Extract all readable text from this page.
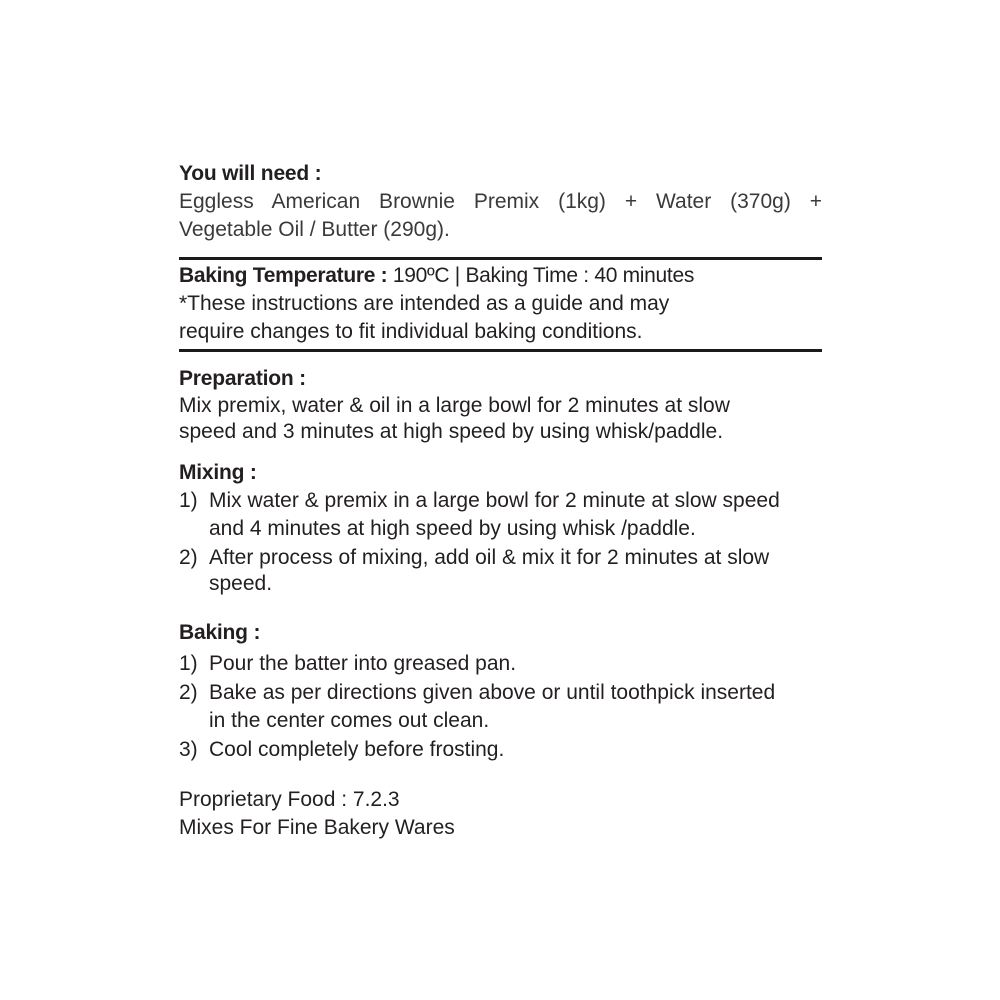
You will need :
Eggless American Brownie Premix (1kg) + Water (370g) +
Vegetable Oil / Butter (290g).
Baking Temperature : 190ºC | Baking Time : 40 minutes
*These instructions are intended as a guide and may
require changes to fit individual baking conditions.
Preparation :
Mix premix, water & oil in a large bowl for 2 minutes at slow
speed and 3 minutes at high speed by using whisk/paddle.
Mixing :
1) Mix water & premix in a large bowl for 2 minute at slow speed
and 4 minutes at high speed by using whisk /paddle.
2) After process of mixing, add oil & mix it for 2 minutes at slow
speed.
Baking :
1) Pour the batter into greased pan.
2) Bake as per directions given above or until toothpick inserted
in the center comes out clean.
3) Cool completely before frosting.
Proprietary Food : 7.2.3
Mixes For Fine Bakery Wares
